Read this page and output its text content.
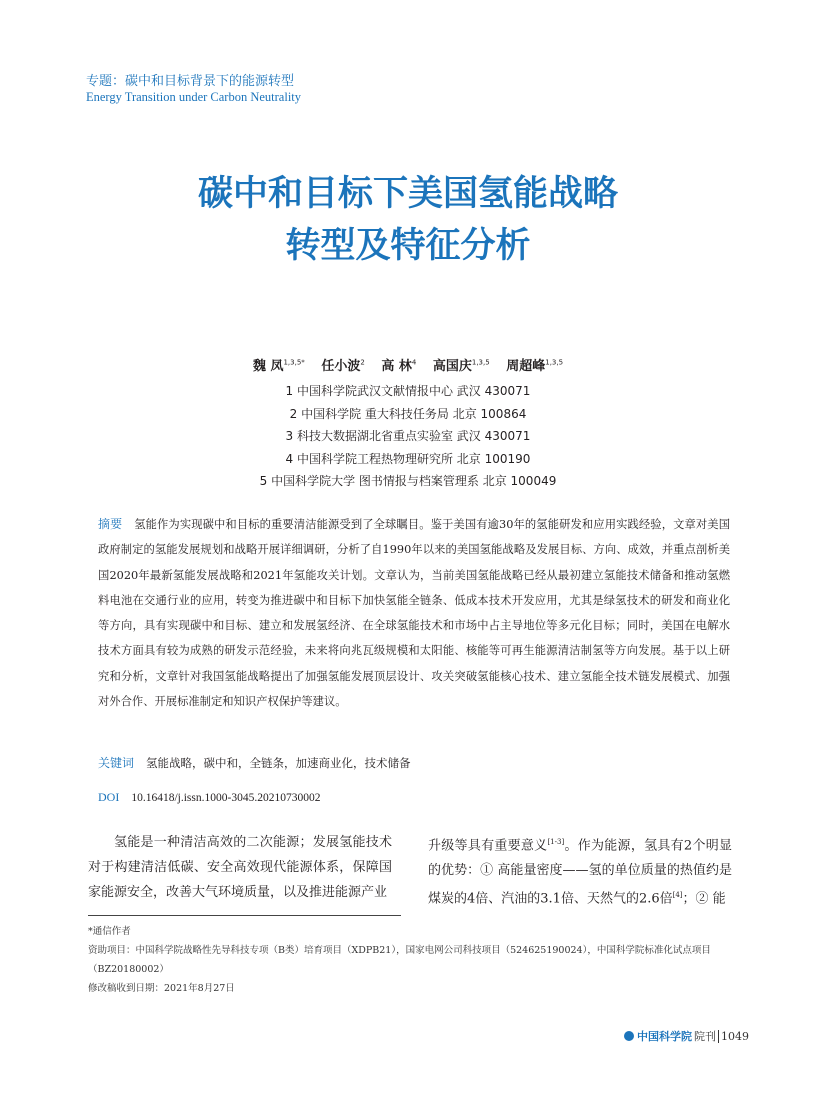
专题：碳中和目标背景下的能源转型
Energy Transition under Carbon Neutrality
碳中和目标下美国氢能战略
转型及特征分析
魏 凤$^{1,3,5*}$ 任小波$^2$ 高 林$^4$ 高国庆$^{1,3,5}$ 周超峰$^{1,3,5}$
1 中国科学院武汉文献情报中心 武汉 430071
2 中国科学院 重大科技任务局 北京 100864
3 科技大数据湖北省重点实验室 武汉 430071
4 中国科学院工程热物理研究所 北京 100190
5 中国科学院大学 图书情报与档案管理系 北京 100049
摘要 氢能作为实现碳中和目标的重要清洁能源受到了全球瞩目。鉴于美国有逾30年的氢能研发和应用实践经验，文章对美国政府制定的氢能发展规划和战略开展详细调研，分析了自1990年以来的美国氢能战略及发展目标、方向、成效，并重点剖析美国2020年最新氢能发展战略和2021年氢能攻关计划。文章认为，当前美国氢能战略已经从最初建立氢能技术储备和推动氢燃料电池在交通行业的应用，转变为推进碳中和目标下加快氢能全链条、低成本技术开发应用，尤其是绿氢技术的研发和商业化等方向，具有实现碳中和目标、建立和发展氢经济、在全球氢能技术和市场中占主导地位等多元化目标；同时，美国在电解水技术方面具有较为成熟的研发示范经验，未来将向兆瓦级规模和太阳能、核能等可再生能源清洁制氢等方向发展。基于以上研究和分析，文章针对我国氢能战略提出了加强氢能发展顶层设计、攻关突破氢能核心技术、建立氢能全技术链发展模式、加强对外合作、开展标准制定和知识产权保护等建议。
关键词 氢能战略，碳中和，全链条，加速商业化，技术储备
DOI 10.16418/j.issn.1000-3045.20210730002
氢能是一种清洁高效的二次能源；发展氢能技术对于构建清洁低碳、安全高效现代能源体系，保障国家能源安全，改善大气环境质量，以及推进能源产业
升级等具有重要意义[1-3]。作为能源，氢具有2个明显的优势：① 高能量密度——氢的单位质量的热值约是煤炭的4倍、汽油的3.1倍、天然气的2.6倍[4]；② 能
*通信作者
资助项目：中国科学院战略性先导科技专项（B类）培育项目（XDPB21），国家电网公司科技项目（524625190024），中国科学院标准化试点项目（BZ20180002）
修改稿收到日期：2021年8月27日
中国科学院 院刊 1049
